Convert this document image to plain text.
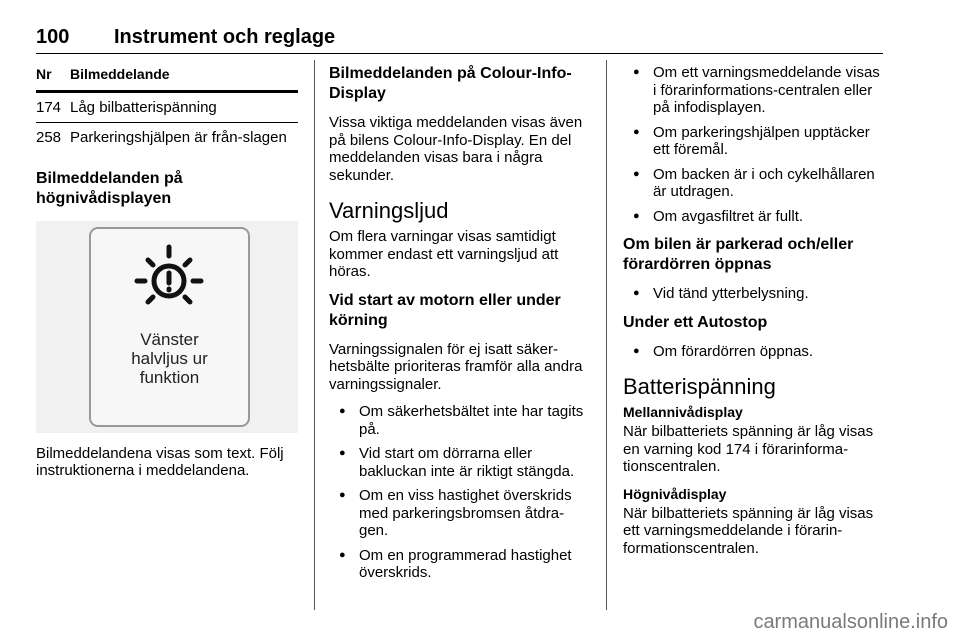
100 Instrument och reglage
Nr	Bilmeddelande
174	Låg bilbatterispänning
258	Parkeringshjälpen är från-slagen
Bilmeddelanden på högnivådisplayen
Vänster halvljus ur funktion

Bilmeddelandena visas som text. Följ instruktionerna i meddelandena.

Bilmeddelanden på Colour-Info-Display

Vissa viktiga meddelanden visas även på bilens Colour-Info-Display. En del meddelanden visas bara i några sekunder.

Varningsljud

Om flera varningar visas samtidigt kommer endast ett varningsljud att höras.

Vid start av motorn eller under körning

Varningssignalen för ej isatt säker-hetsbälte prioriteras framför alla andra varningssignaler.

● Om säkerhetsbältet inte har tagits på.
● Vid start om dörrarna eller bakluckan inte är riktigt stängda.
● Om en viss hastighet överskrids med parkeringsbromsen åtdra-gen.
● Om en programmerad hastighet överskrids.
● Om ett varningsmeddelande visas i förarinformations-centralen eller på infodisplayen.
● Om parkeringshjälpen upptäcker ett föremål.
● Om backen är i och cykelhållaren är utdragen.
● Om avgasfiltret är fullt.
Om bilen är parkerad och/eller förardörren öppnas
● Vid tänd ytterbelysning.
Under ett Autostop
● Om förardörren öppnas.
Batterispänning
Mellannivådisplay

När bilbatteriets spänning är låg visas en varning kod 174 i förarinforma-tionscentralen.

Högnivådisplay

När bilbatteriets spänning är låg visas ett varningsmeddelande i förarin-formationscentralen.

carmanualsonline.info
